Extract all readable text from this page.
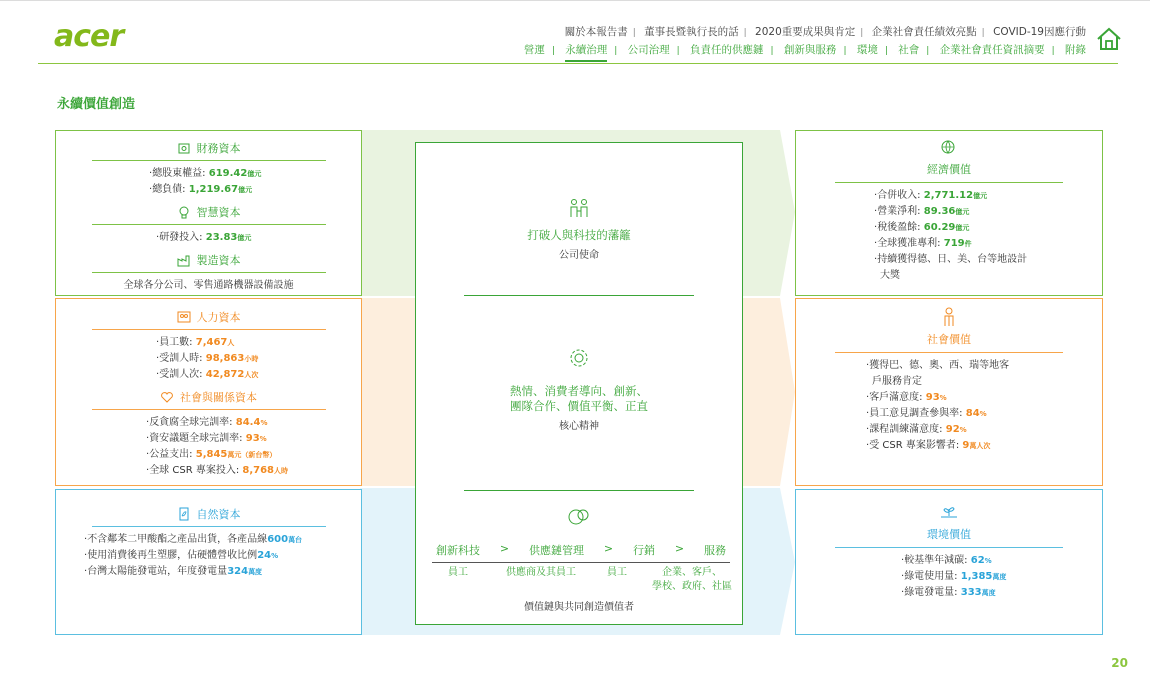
acer	關於本報告書 | 董事長暨執行長的話 | 2020重要成果與肯定 | 企業社會責任績效亮點 | COVID-19因應行動
營運 | 永續治理 | 公司治理 | 負責任的供應鏈 | 創新與服務 | 環境 | 社會 | 企業社會責任資訊摘要 | 附錄
永續價值創造
財務資本
·總股東權益: 619.42億元
·總負債: 1,219.67億元
智慧資本
·研發投入: 23.83億元
製造資本
全球各分公司、零售通路機器設備設施
人力資本
·員工數: 7,467人
·受訓人時: 98,863小時
·受訓人次: 42,872人次
社會與關係資本
·反貪腐全球完訓率: 84.4%
·資安議題全球完訓率: 93%
·公益支出: 5,845萬元（新台幣）
·全球 CSR 專案投入: 8,768人時
自然資本
·不含鄰苯二甲酸酯之產品出貨，各產品線600萬台
·使用消費後再生塑膠，佔硬體營收比例24%
·台灣太陽能發電站，年度發電量324萬度
打破人與科技的藩籬
公司使命
熱情、消費者導向、創新、
團隊合作、價值平衡、正直
核心精神
創新科技 > 供應鏈管理 > 行銷 > 服務
員工	供應商及其員工	員工	企業、客戶、
學校、政府、社區
價值鏈與共同創造價值者
經濟價值
·合併收入: 2,771.12億元
·營業淨利: 89.36億元
·稅後盈餘: 60.29億元
·全球獲准專利: 719件
·持續獲得德、日、美、台等地設計
大獎
社會價值
·獲得巴、德、奧、西、瑞等地客
戶服務肯定
·客戶滿意度: 93%
·員工意見調查參與率: 84%
·課程訓練滿意度: 92%
·受 CSR 專案影響者: 9萬人次
環境價值
·較基準年減碳: 62%
·綠電使用量: 1,385萬度
·綠電發電量: 333萬度
20
